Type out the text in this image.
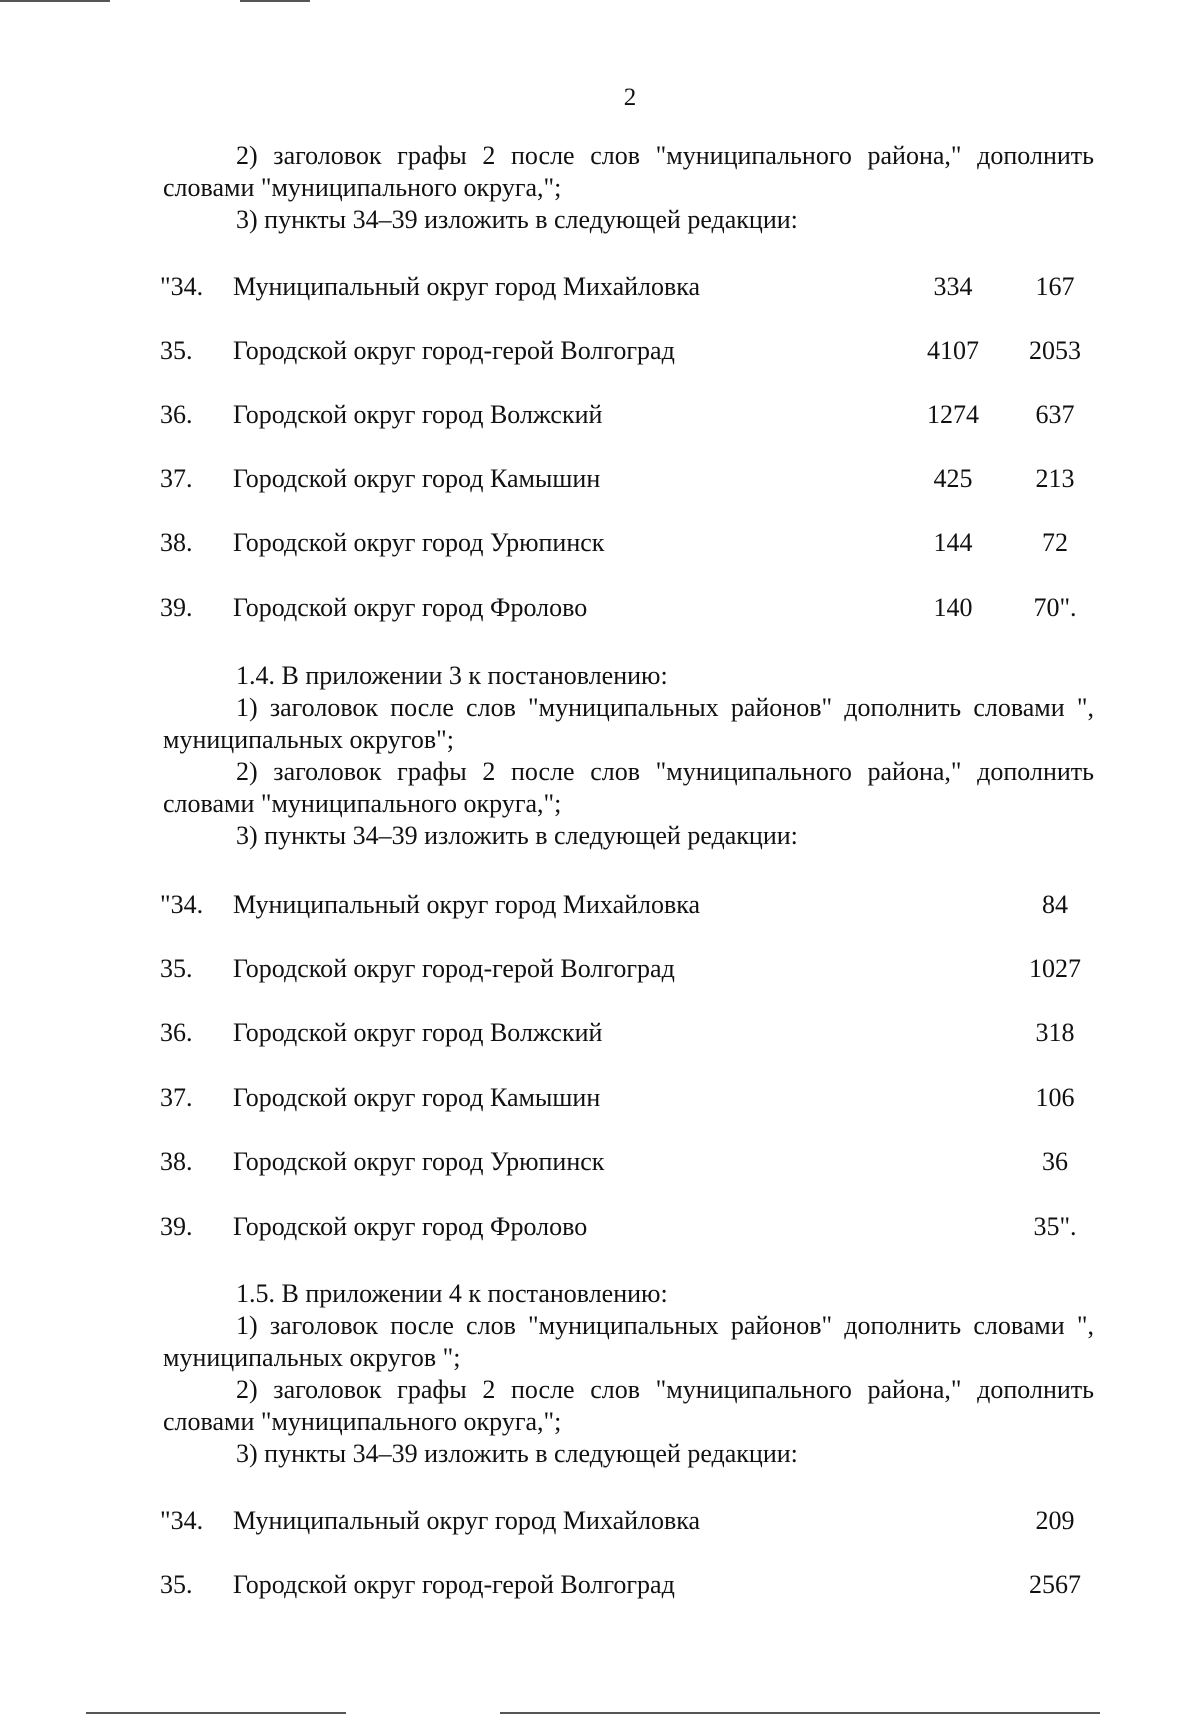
2
2) заголовок графы 2 после слов "муниципального района," дополнить словами "муниципального округа,";
3) пункты 34–39 изложить в следующей редакции:
"34. Муниципальный округ город Михайловка	334	167
35. Городской округ город-герой Волгоград	4107	2053
36. Городской округ город Волжский	1274	637
37. Городской округ город Камышин	425	213
38. Городской округ город Урюпинск	144	72
39. Городской округ город Фролово	140	70".
1.4. В приложении 3 к постановлению:
1) заголовок после слов "муниципальных районов" дополнить словами ", муниципальных округов";
2) заголовок графы 2 после слов "муниципального района," дополнить словами "муниципального округа,";
3) пункты 34–39 изложить в следующей редакции:
"34. Муниципальный округ город Михайловка	84
35. Городской округ город-герой Волгоград	1027
36. Городской округ город Волжский	318
37. Городской округ город Камышин	106
38. Городской округ город Урюпинск	36
39. Городской округ город Фролово	35".
1.5. В приложении 4 к постановлению:
1) заголовок после слов "муниципальных районов" дополнить словами ", муниципальных округов ";
2) заголовок графы 2 после слов "муниципального района," дополнить словами "муниципального округа,";
3) пункты 34–39 изложить в следующей редакции:
"34. Муниципальный округ город Михайловка	209
35. Городской округ город-герой Волгоград	2567
